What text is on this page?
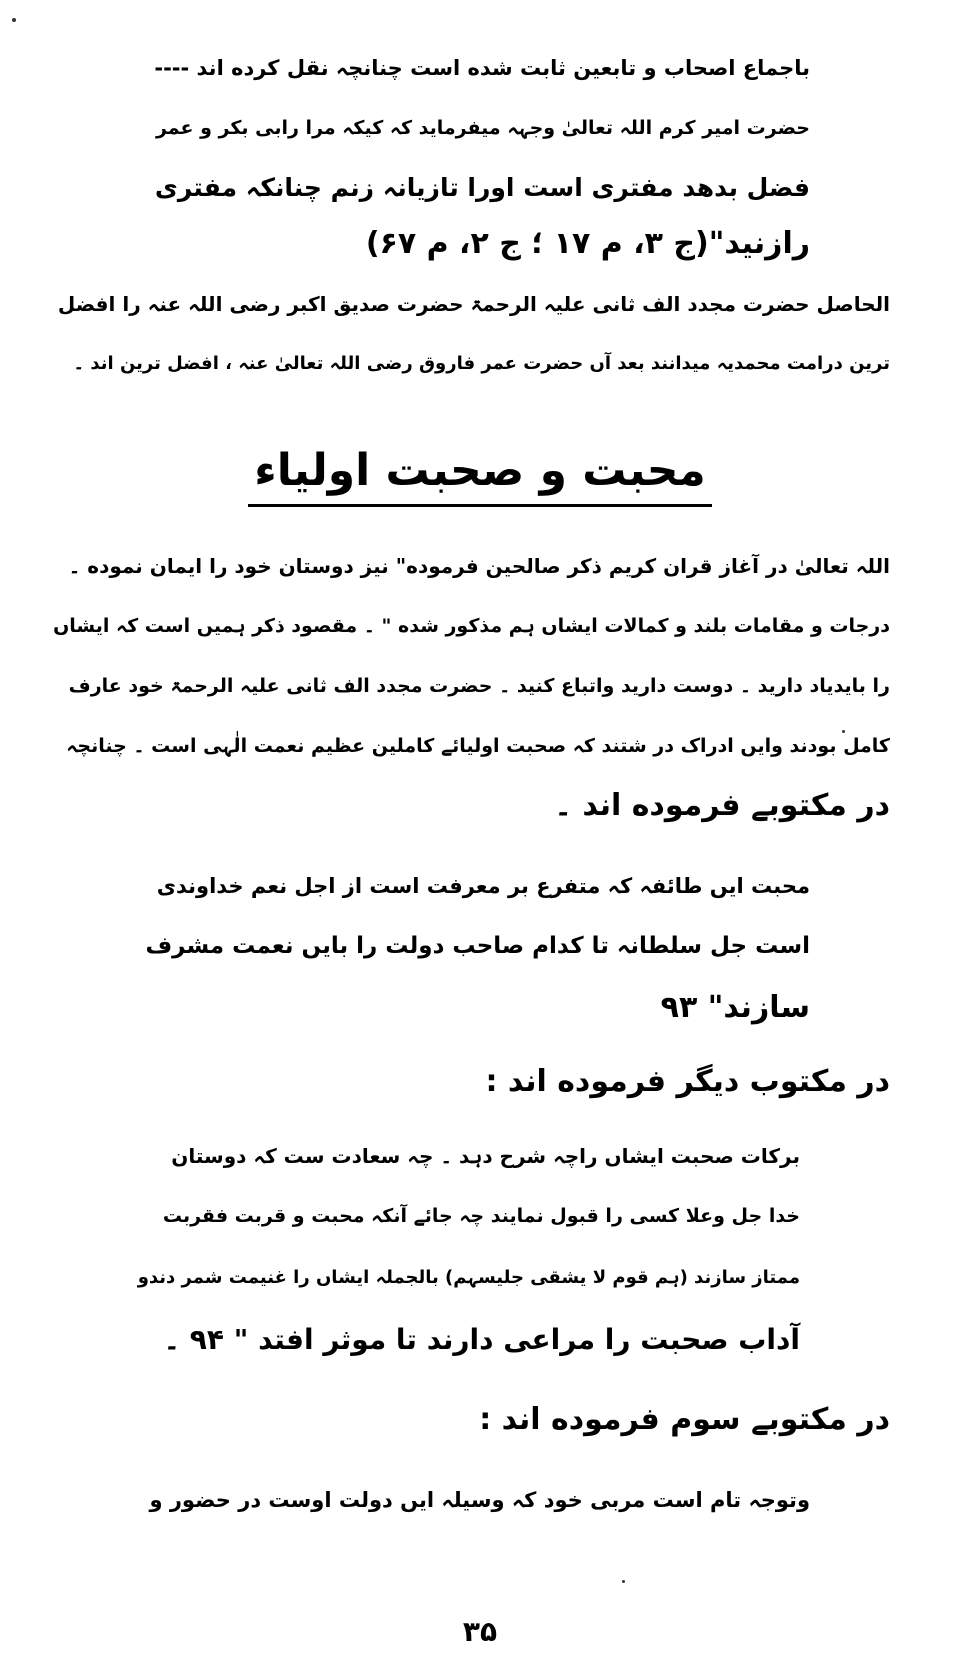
باجماع اصحاب و تابعین ثابت شده است چنانچہ نقل کرده اند ----
حضرت امیر کرم اللہ تعالیٰ وجہہ میفرماید کہ کیکہ مرا رابی بکر و عمر
فضل بدهد مفتری است اورا تازیانہ زنم چنانکہ مفتری
رازنید"(ج ۳، م ۱۷ ؛ ج ۲، م ۶۷)
الحاصل حضرت مجدد الف ثانی علیہ الرحمۃ حضرت صدیق اکبر رضی اللہ عنہ را افضل
ترین درامت محمدیہ میدانند بعد آں حضرت عمر فاروق رضی اللہ تعالیٰ عنہ ، افضل ترین اند ۔
محبت و صحبت اولیاء
اللہ تعالیٰ در آغاز قران کریم ذکر صالحین فرموده" نیز دوستان خود را ایمان نموده ۔
درجات و مقامات بلند و کمالات ایشاں ہم مذکور شده " ۔ مقصود ذکر ہمیں است کہ ایشاں
را بایدیاد دارید ۔ دوست دارید واتباع کنید ۔ حضرت مجدد الف ثانی علیہ الرحمۃ خود عارف
کامل بودند وایں ادراک در شتند کہ صحبت اولیائے کاملین عظیم نعمت الٰہی است ۔ چنانچہ
در مکتوبے فرموده اند ۔
محبت ایں طائفہ کہ متفرع بر معرفت است از اجل نعم خداوندی
است جل سلطانہ تا کدام صاحب دولت را بایں نعمت مشرف
سازند" ۹۳
در مکتوب دیگر فرموده اند :
برکات صحبت ایشاں راچہ شرح دہد ۔ چہ سعادت ست کہ دوستان
خدا جل وعلا کسی را قبول نمایند چہ جائے آنکہ محبت و قربت فقربت
ممتاز سازند (ہم قوم لا یشقی جلیسہم) بالجملہ ایشاں را غنیمت شمر دندو
آداب صحبت را مراعی دارند تا موثر افتد " ۹۴ ۔
در مکتوبے سوم فرموده اند :
وتوجہ تام است مربی خود کہ وسیلہ ایں دولت اوست در حضور و
۳۵
